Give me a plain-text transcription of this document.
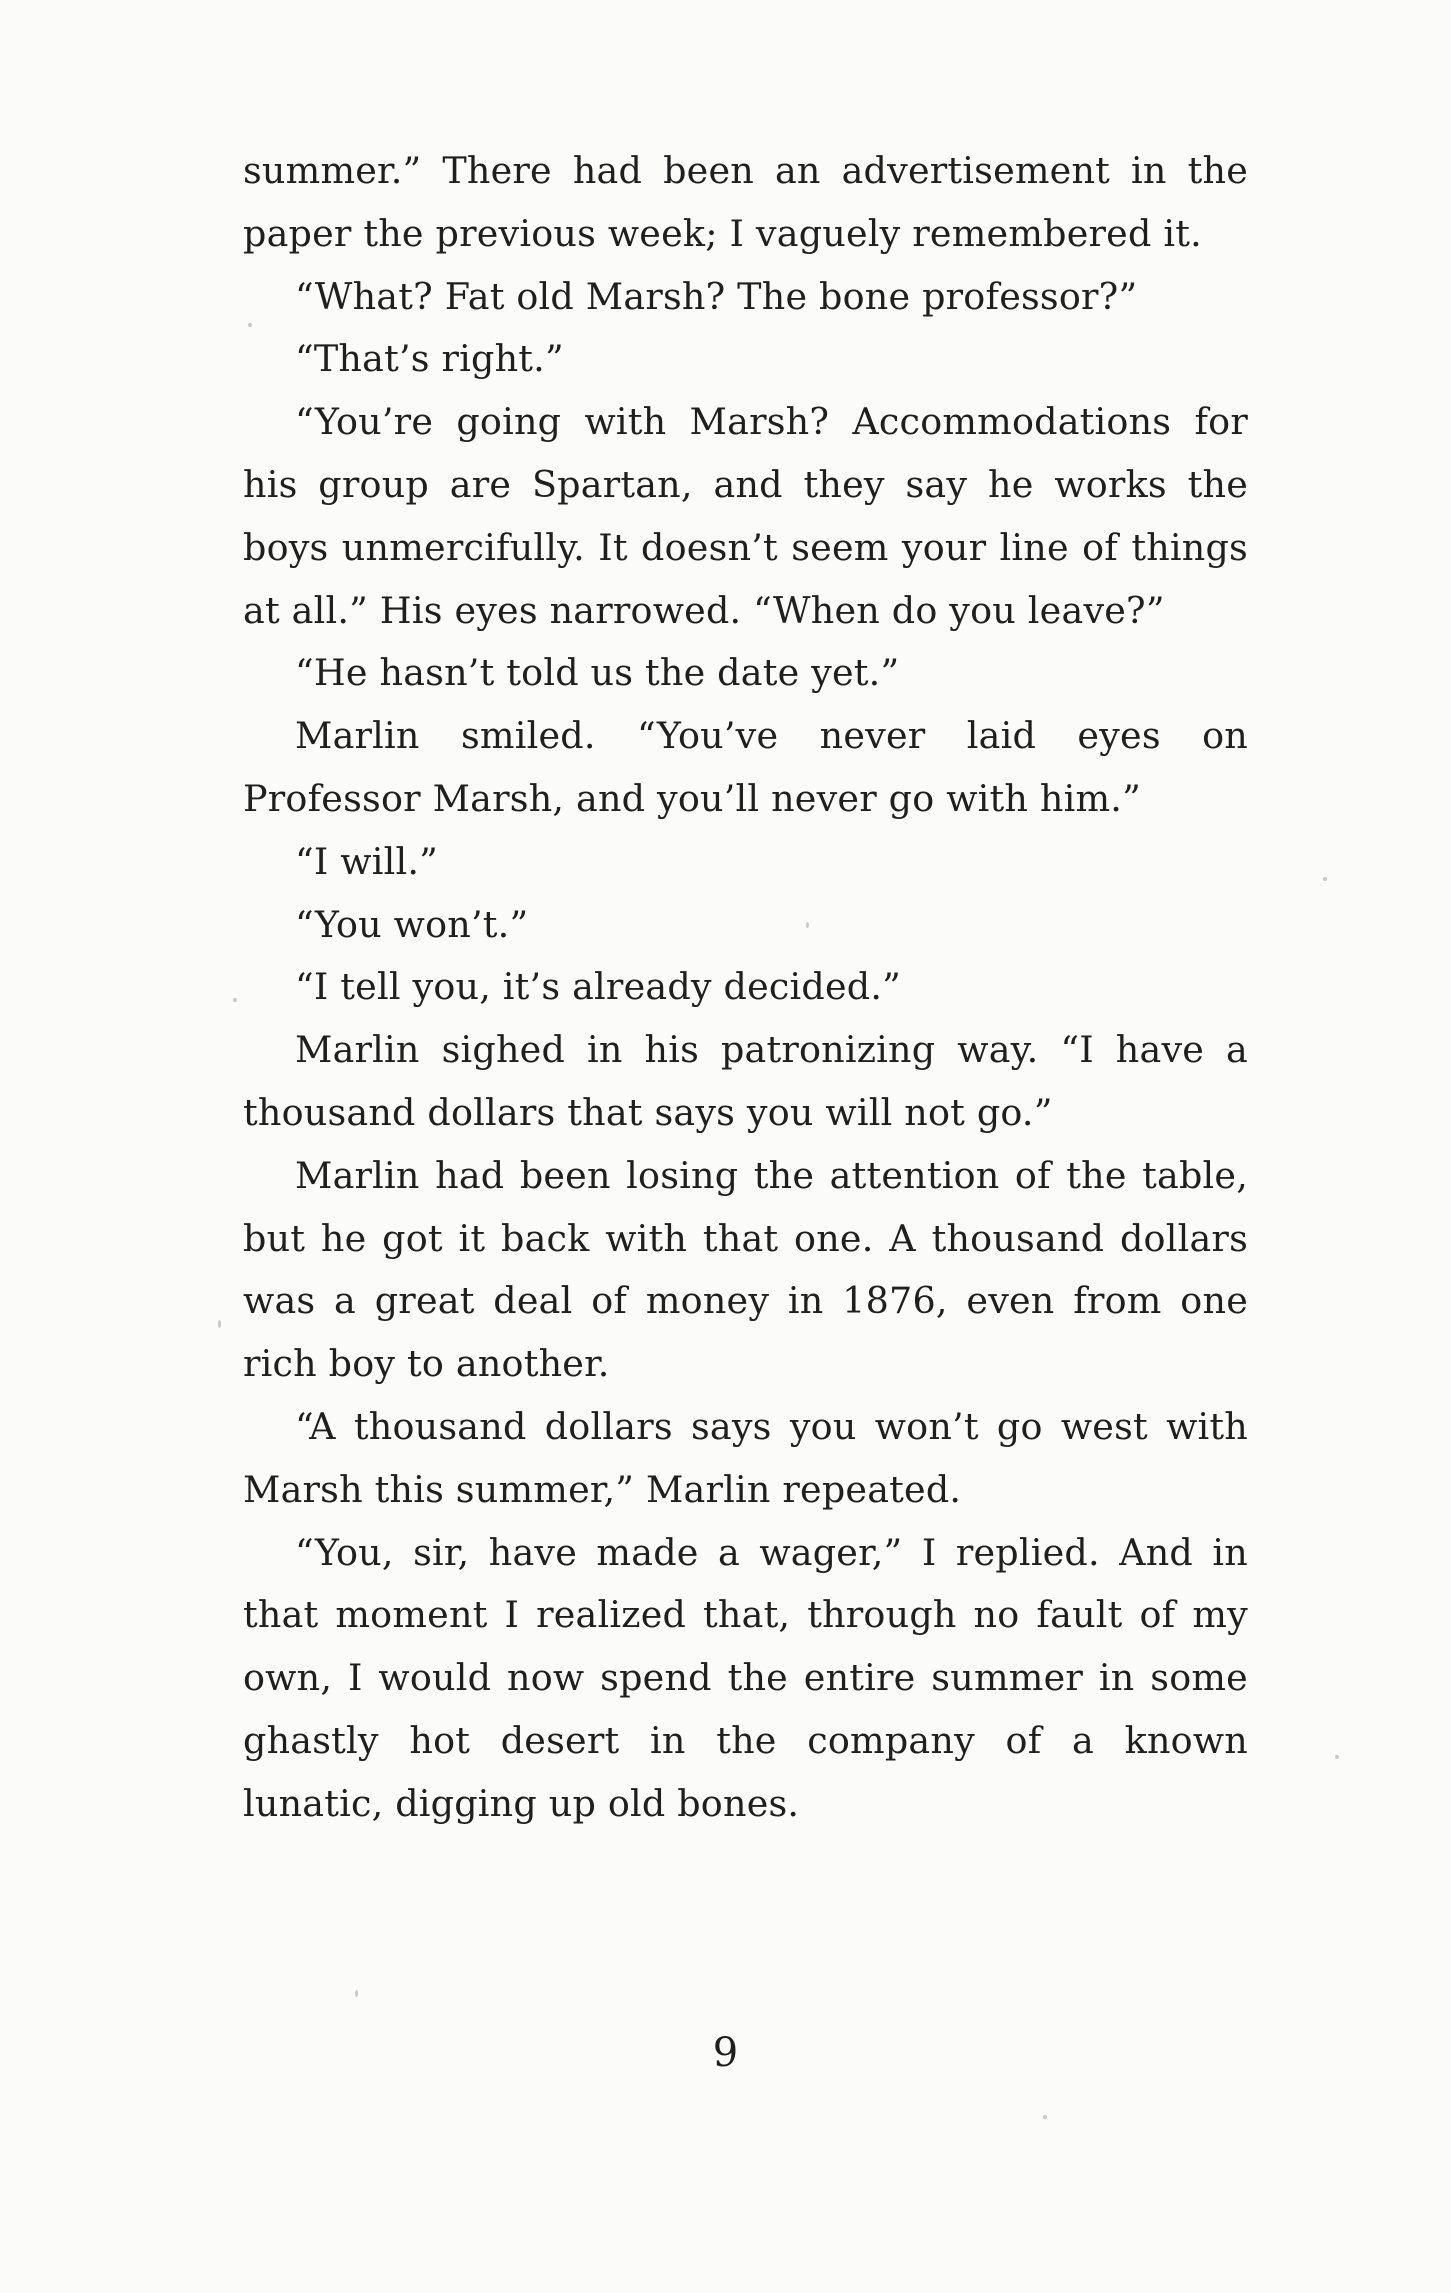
summer.” There had been an advertisement in the paper the previous week; I vaguely remembered it.

“What? Fat old Marsh? The bone professor?”

“That’s right.”

“You’re going with Marsh? Accommodations for his group are Spartan, and they say he works the boys unmercifully. It doesn’t seem your line of things at all.” His eyes narrowed. “When do you leave?”

“He hasn’t told us the date yet.”

Marlin smiled. “You’ve never laid eyes on Professor Marsh, and you’ll never go with him.”

“I will.”

“You won’t.”

“I tell you, it’s already decided.”

Marlin sighed in his patronizing way. “I have a thousand dollars that says you will not go.”

Marlin had been losing the attention of the table, but he got it back with that one. A thousand dollars was a great deal of money in 1876, even from one rich boy to another.

“A thousand dollars says you won’t go west with Marsh this summer,” Marlin repeated.

“You, sir, have made a wager,” I replied. And in that moment I realized that, through no fault of my own, I would now spend the entire summer in some ghastly hot desert in the company of a known lunatic, digging up old bones.

9
